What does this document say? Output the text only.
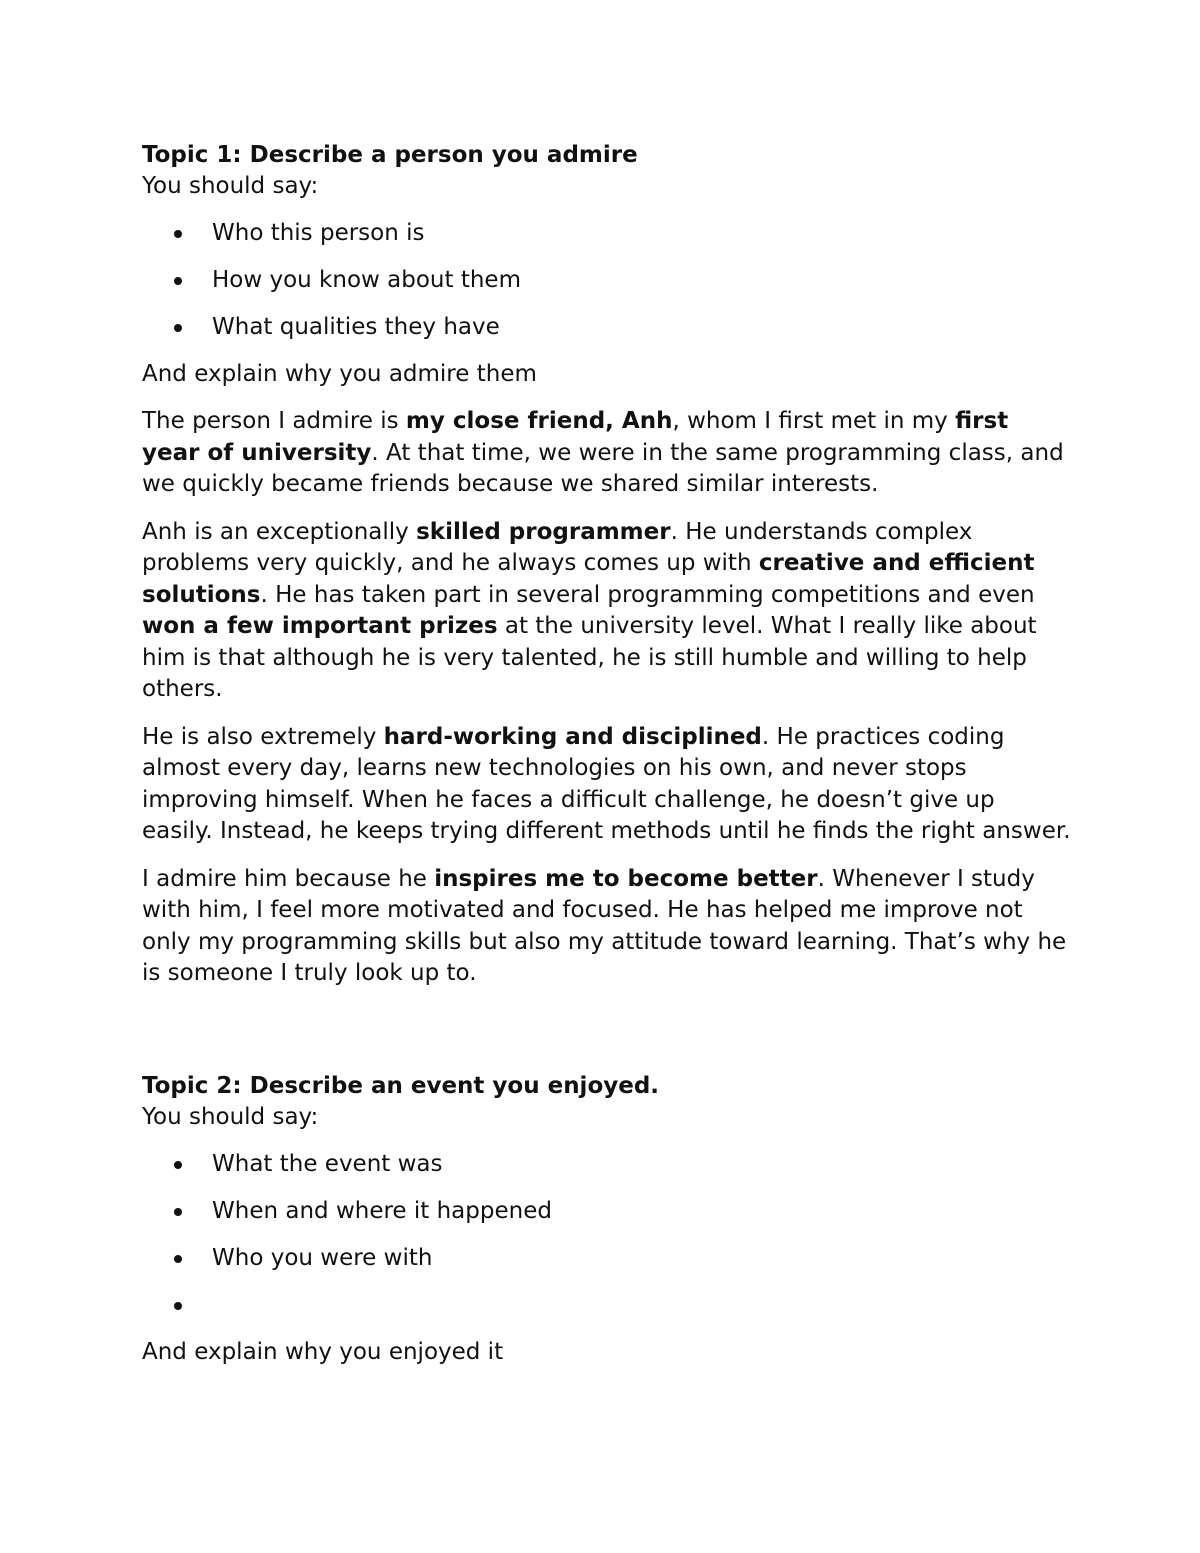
Topic 1: Describe a person you admire

You should say:

Who this person is
How you know about them
What qualities they have

And explain why you admire them

The person I admire is my close friend, Anh, whom I first met in my first year of university. At that time, we were in the same programming class, and we quickly became friends because we shared similar interests.

Anh is an exceptionally skilled programmer. He understands complex problems very quickly, and he always comes up with creative and efficient solutions. He has taken part in several programming competitions and even won a few important prizes at the university level. What I really like about him is that although he is very talented, he is still humble and willing to help others.

He is also extremely hard-working and disciplined. He practices coding almost every day, learns new technologies on his own, and never stops improving himself. When he faces a difficult challenge, he doesn’t give up easily. Instead, he keeps trying different methods until he finds the right answer.

I admire him because he inspires me to become better. Whenever I study with him, I feel more motivated and focused. He has helped me improve not only my programming skills but also my attitude toward learning. That’s why he is someone I truly look up to.

Topic 2: Describe an event you enjoyed.

You should say:

What the event was
When and where it happened
Who you were with

And explain why you enjoyed it
